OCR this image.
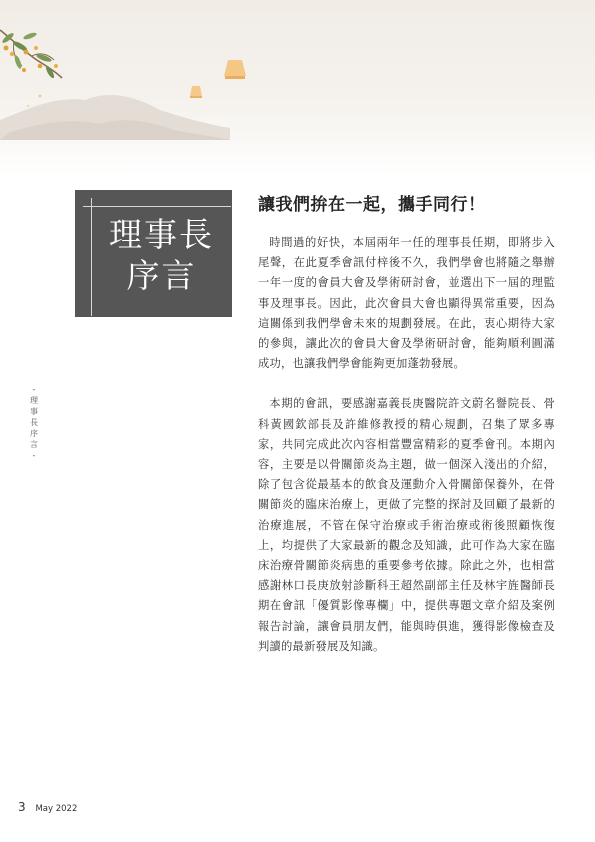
理事長
序言
-
理
事
長
序
言
-
讓我們拚在一起，攜手同行！

時間過的好快，本屆兩年一任的理事長任期，即將步入尾聲，在此夏季會訊付梓後不久，我們學會也將隨之舉辦一年一度的會員大會及學術研討會，並選出下一屆的理監事及理事長。因此，此次會員大會也顯得異常重要，因為這關係到我們學會未來的規劃發展。在此，衷心期待大家的參與，讓此次的會員大會及學術研討會，能夠順利圓滿成功，也讓我們學會能夠更加蓬勃發展。

本期的會訊，要感謝嘉義長庚醫院許文蔚名譽院長、骨科黃國欽部長及許維修教授的精心規劃，召集了眾多專家，共同完成此次內容相當豐富精彩的夏季會刊。本期內容，主要是以骨關節炎為主題，做一個深入淺出的介紹，除了包含從最基本的飲食及運動介入骨關節保養外，在骨關節炎的臨床治療上，更做了完整的探討及回顧了最新的治療進展，不管在保守治療或手術治療或術後照顧恢復上，均提供了大家最新的觀念及知識，此可作為大家在臨床治療骨關節炎病患的重要參考依據。除此之外，也相當感謝林口長庚放射診斷科王超然副部主任及林宇旌醫師長期在會訊「優質影像專欄」中，提供專題文章介紹及案例報告討論，讓會員朋友們，能與時俱進，獲得影像檢查及判讀的最新發展及知識。

3 May 2022
